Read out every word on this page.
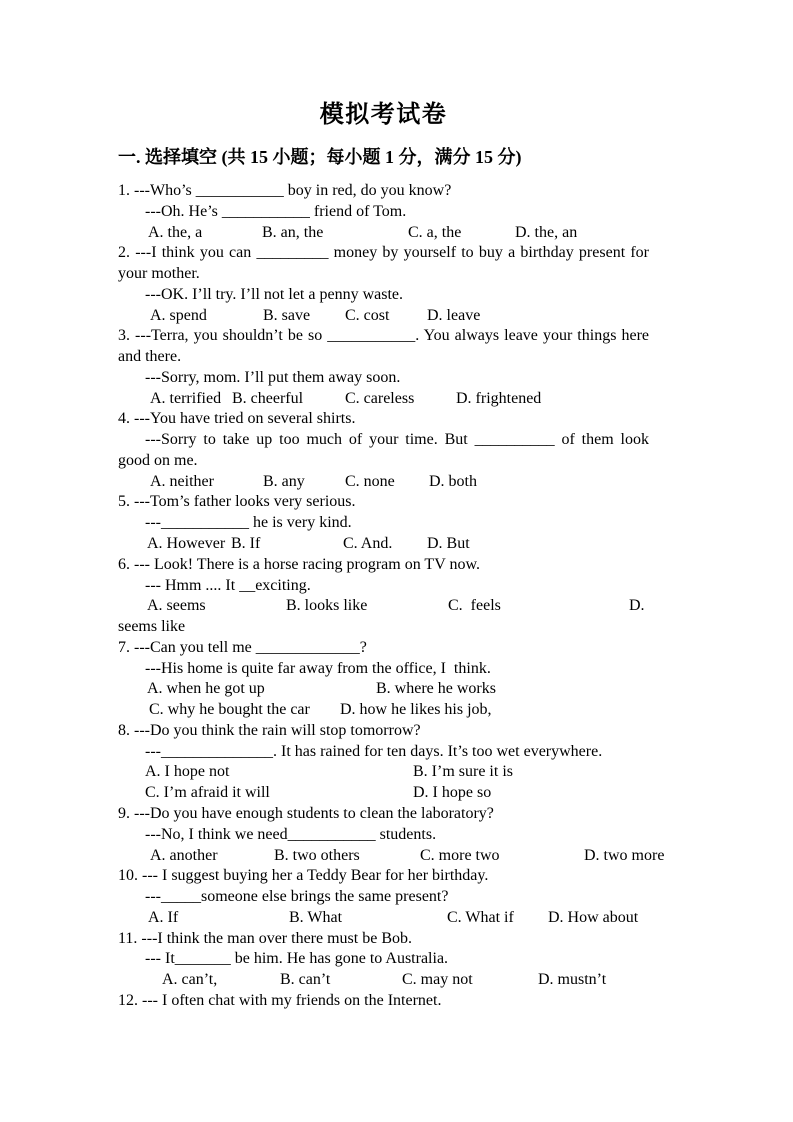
模拟考试卷
一. 选择填空 (共 15 小题；每小题 1 分，满分 15 分)
1. ---Who’s ___________ boy in red, do you know?
---Oh. He’s ___________ friend of Tom.
A. the, a	B. an, the	C. a, the	D. the, an
2. ---I think you can _________ money by yourself to buy a birthday present for
your mother.
---OK. I’ll try. I’ll not let a penny waste.
A. spend	B. save C. cost D. leave
3. ---Terra, you shouldn’t be so ___________. You always leave your things here
and there.
---Sorry, mom. I’ll put them away soon.
A. terrified B. cheerful	C. careless	D. frightened
4. ---You have tried on several shirts.
---Sorry to take up too much of your time. But __________ of them look
good on me.
A. neither	B. any	C. none D. both
5. ---Tom’s father looks very serious.
---___________ he is very kind.
A. However B. If	C. And. D. But
6. --- Look! There is a horse racing program on TV now.
--- Hmm .... It __exciting.
A. seems	B. looks like	C.  feels	D.
seems like
7. ---Can you tell me _____________?
---His home is quite far away from the office, I  think.
A. when he got up	B. where he works
C. why he bought the car D. how he likes his job,
8. ---Do you think the rain will stop tomorrow?
---______________. It has rained for ten days. It’s too wet everywhere.
A. I hope not	B. I’m sure it is
C. I’m afraid it will	D. I hope so
9. ---Do you have enough students to clean the laboratory?
---No, I think we need___________ students.
A. another	B. two others	C. more two	D. two more
10. --- I suggest buying her a Teddy Bear for her birthday.
---_____someone else brings the same present?
A. If	B. What	C. What if D. How about
11. ---I think the man over there must be Bob.
--- It_______ be him. He has gone to Australia.
A. can’t,	B. can’t	C. may not	D. mustn’t
12. --- I often chat with my friends on the Internet.
